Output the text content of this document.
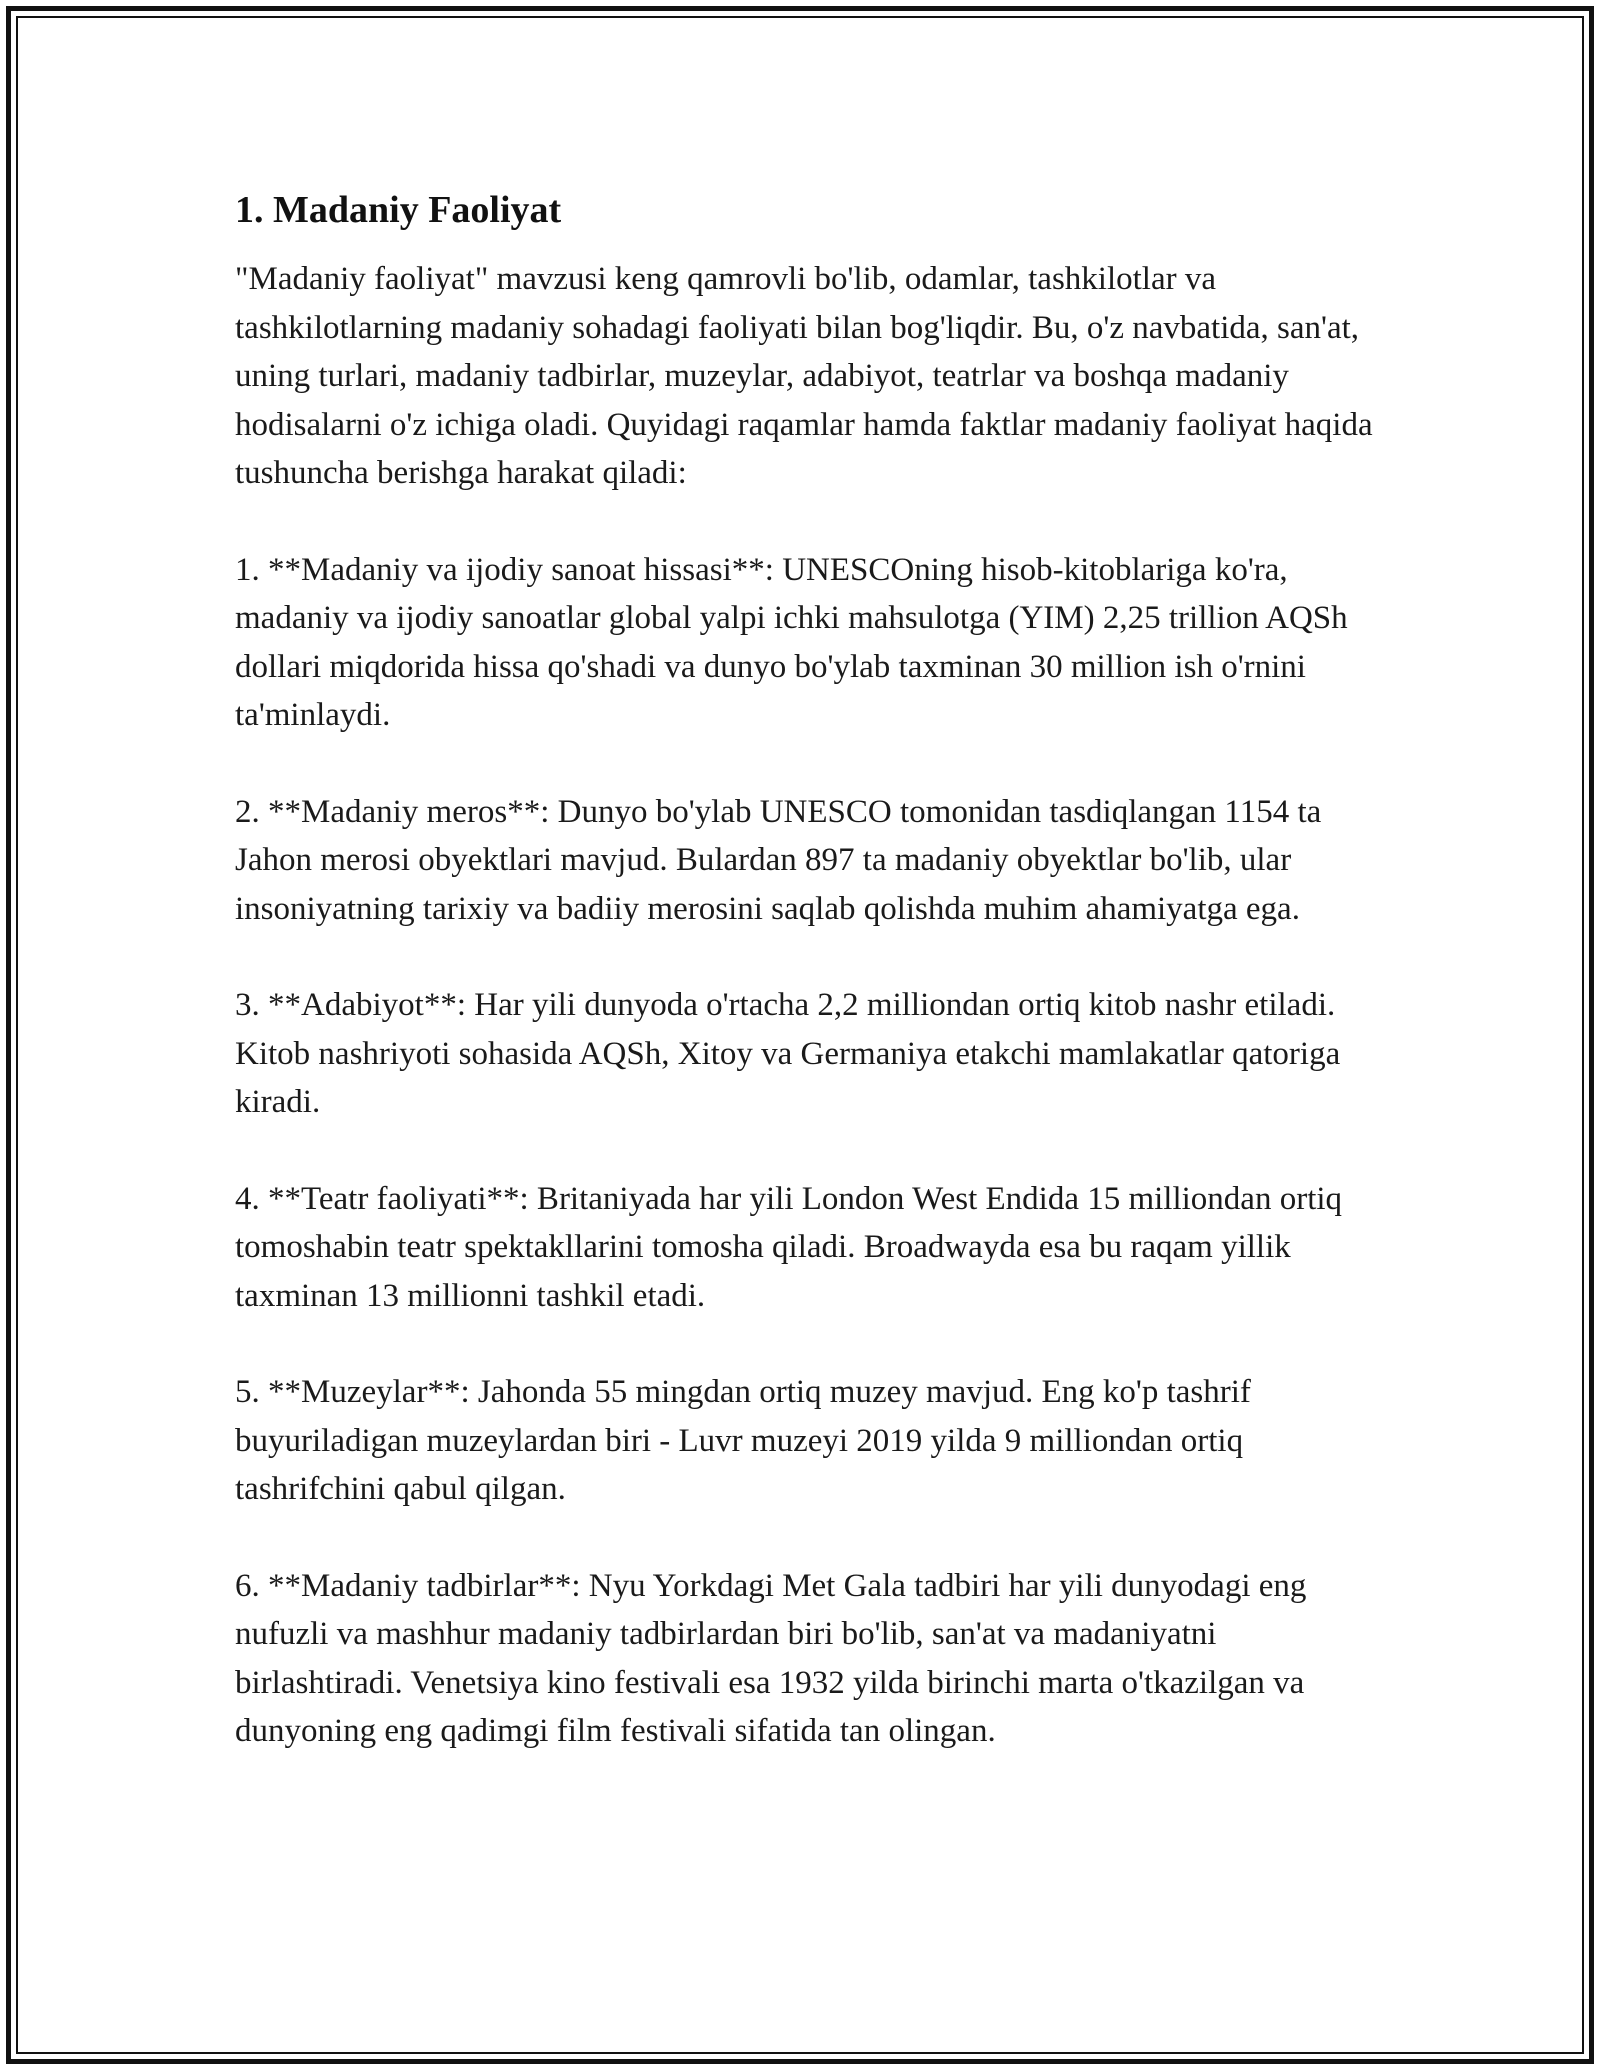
1. Madaniy Faoliyat

"Madaniy faoliyat" mavzusi keng qamrovli bo'lib, odamlar, tashkilotlar va tashkilotlarning madaniy sohadagi faoliyati bilan bog'liqdir. Bu, o'z navbatida, san'at, uning turlari, madaniy tadbirlar, muzeylar, adabiyot, teatrlar va boshqa madaniy hodisalarni o'z ichiga oladi. Quyidagi raqamlar hamda faktlar madaniy faoliyat haqida tushuncha berishga harakat qiladi:

1. **Madaniy va ijodiy sanoat hissasi**: UNESCOning hisob-kitoblariga ko'ra, madaniy va ijodiy sanoatlar global yalpi ichki mahsulotga (YIM) 2,25 trillion AQSh dollari miqdorida hissa qo'shadi va dunyo bo'ylab taxminan 30 million ish o'rnini ta'minlaydi.

2. **Madaniy meros**: Dunyo bo'ylab UNESCO tomonidan tasdiqlangan 1154 ta Jahon merosi obyektlari mavjud. Bulardan 897 ta madaniy obyektlar bo'lib, ular insoniyatning tarixiy va badiiy merosini saqlab qolishda muhim ahamiyatga ega.

3. **Adabiyot**: Har yili dunyoda o'rtacha 2,2 milliondan ortiq kitob nashr etiladi. Kitob nashriyoti sohasida AQSh, Xitoy va Germaniya etakchi mamlakatlar qatoriga kiradi.

4. **Teatr faoliyati**: Britaniyada har yili London West Endida 15 milliondan ortiq tomoshabin teatr spektakllarini tomosha qiladi. Broadwayda esa bu raqam yillik taxminan 13 millionni tashkil etadi.

5. **Muzeylar**: Jahonda 55 mingdan ortiq muzey mavjud. Eng ko'p tashrif buyuriladigan muzeylardan biri - Luvr muzeyi 2019 yilda 9 milliondan ortiq tashrifchini qabul qilgan.

6. **Madaniy tadbirlar**: Nyu Yorkdagi Met Gala tadbiri har yili dunyodagi eng nufuzli va mashhur madaniy tadbirlardan biri bo'lib, san'at va madaniyatni birlashtiradi. Venetsiya kino festivali esa 1932 yilda birinchi marta o'tkazilgan va dunyoning eng qadimgi film festivali sifatida tan olingan.
